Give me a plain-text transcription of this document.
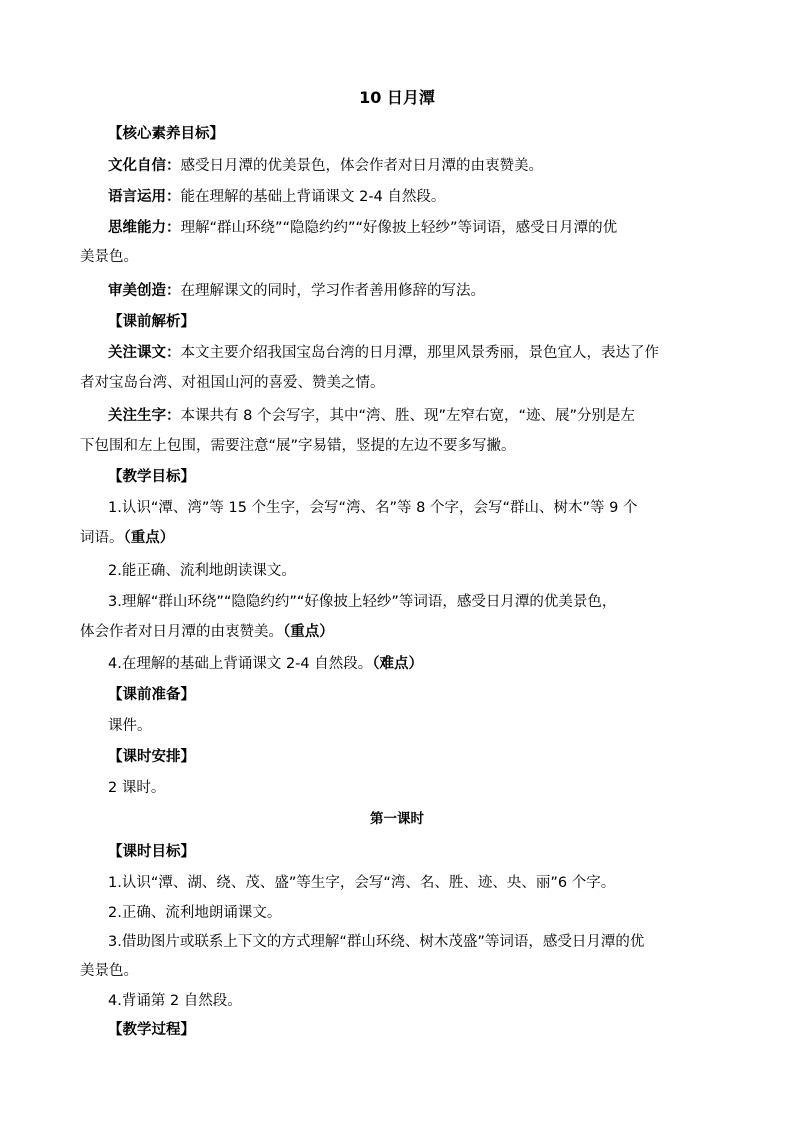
10 日月潭
【核心素养目标】
文化自信：感受日月潭的优美景色，体会作者对日月潭的由衷赞美。
语言运用：能在理解的基础上背诵课文 2-4 自然段。
思维能力：理解“群山环绕”“隐隐约约”“好像披上轻纱”等词语，感受日月潭的优
美景色。
审美创造：在理解课文的同时，学习作者善用修辞的写法。
【课前解析】
关注课文：本文主要介绍我国宝岛台湾的日月潭，那里风景秀丽，景色宜人，表达了作
者对宝岛台湾、对祖国山河的喜爱、赞美之情。
关注生字：本课共有 8 个会写字，其中“湾、胜、现”左窄右宽，“迹、展”分别是左
下包围和左上包围，需要注意“展”字易错，竖提的左边不要多写撇。
【教学目标】
1.认识“潭、湾”等 15 个生字，会写“湾、名”等 8 个字，会写“群山、树木”等 9 个
词语。（重点）
2.能正确、流利地朗读课文。
3.理解“群山环绕”“隐隐约约”“好像披上轻纱”等词语，感受日月潭的优美景色，
体会作者对日月潭的由衷赞美。（重点）
4.在理解的基础上背诵课文 2-4 自然段。（难点）
【课前准备】
课件。
【课时安排】
2 课时。
第一课时
【课时目标】
1.认识“潭、湖、绕、茂、盛”等生字，会写“湾、名、胜、迹、央、丽”6 个字。
2.正确、流利地朗诵课文。
3.借助图片或联系上下文的方式理解“群山环绕、树木茂盛”等词语，感受日月潭的优
美景色。
4.背诵第 2 自然段。
【教学过程】
